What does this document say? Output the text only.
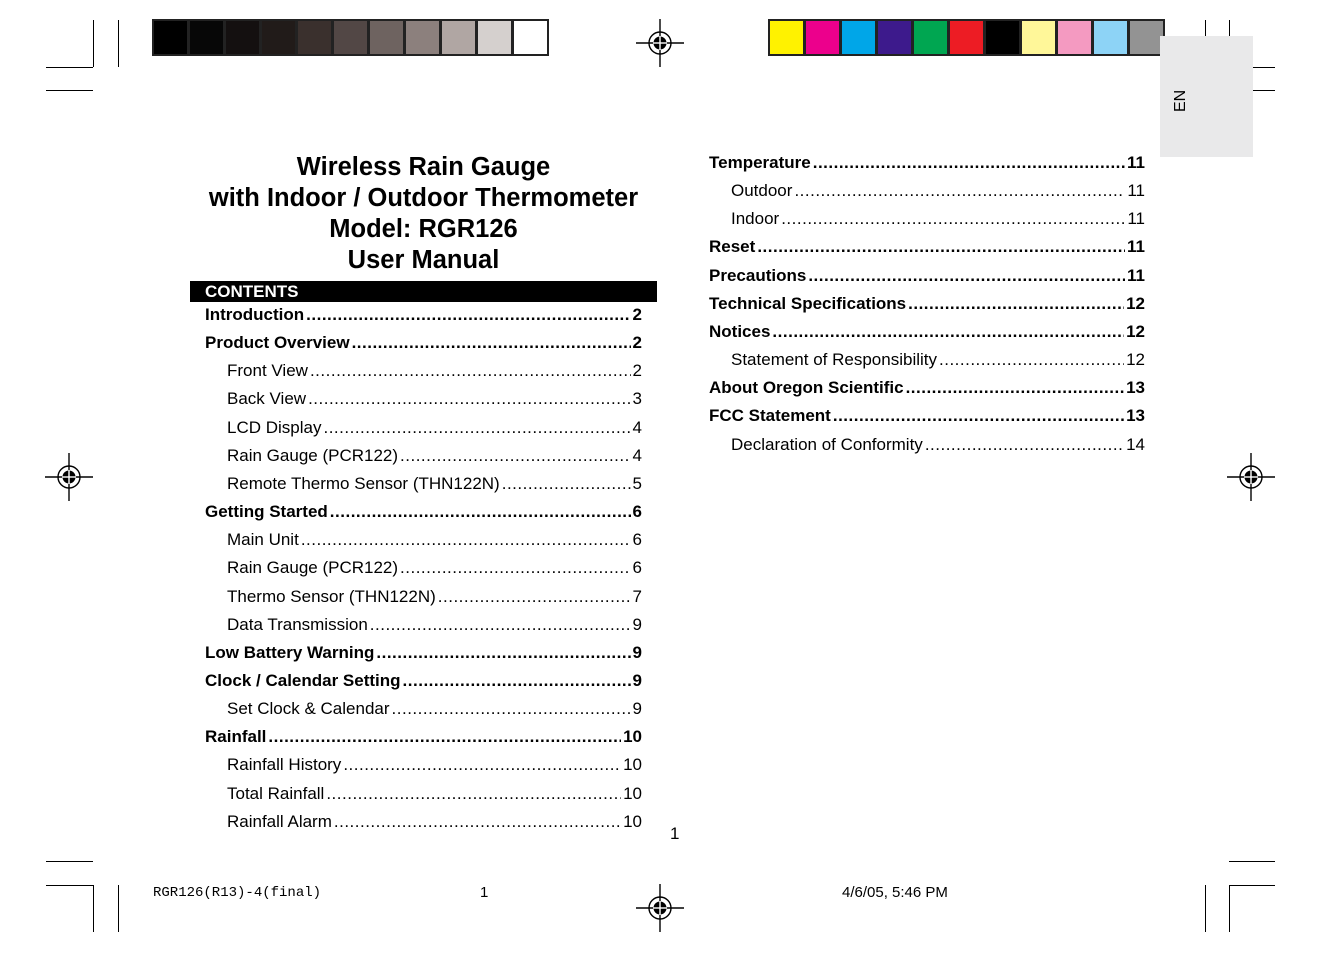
EN
Wireless Rain Gauge
with Indoor / Outdoor Thermometer
Model: RGR126
User Manual
CONTENTS
Introduction .....	2
Product Overview .....	2
Front View .....	2
Back View .....	3
LCD Display .....	4
Rain Gauge (PCR122) .....	4
Remote Thermo Sensor (THN122N) .....	5
Getting Started .....	6
Main Unit .....	6
Rain Gauge (PCR122) .....	6
Thermo Sensor (THN122N) .....	7
Data Transmission .....	9
Low Battery Warning .....	9
Clock / Calendar Setting .....	9
Set Clock & Calendar .....	9
Rainfall .....	10
Rainfall History .....	10
Total Rainfall .....	10
Rainfall Alarm .....	10
Temperature .....	11
Outdoor .....	11
Indoor .....	11
Reset .....	11
Precautions .....	11
Technical Specifications .....	12
Notices .....	12
Statement of Responsibility .....	12
About Oregon Scientific .....	13
FCC Statement .....	13
Declaration of Conformity .....	14
1
RGR126(R13)-4(final)	1	4/6/05, 5:46 PM
